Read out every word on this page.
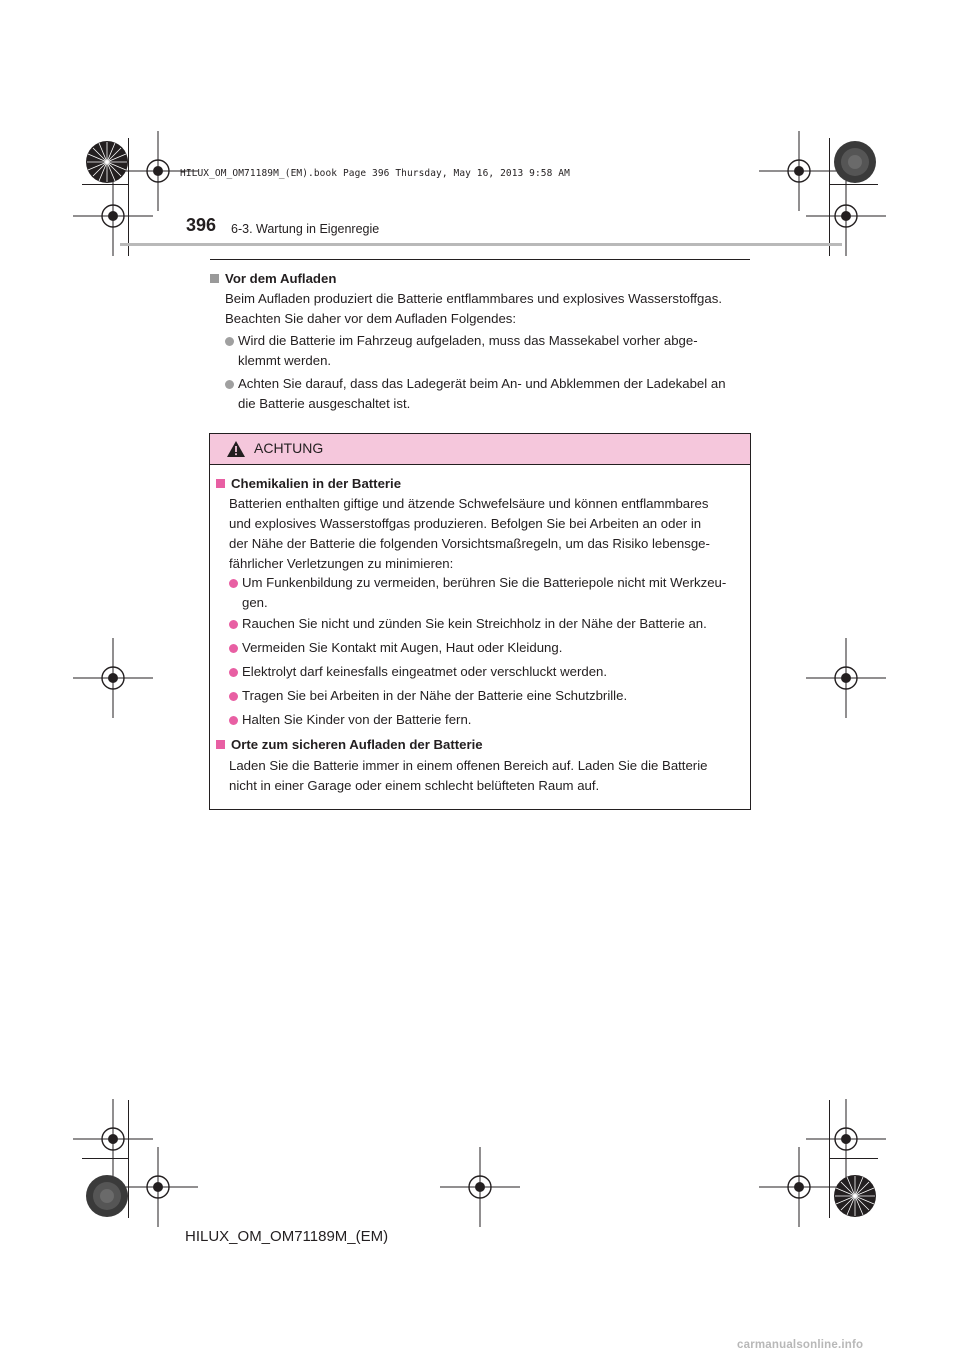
HILUX_OM_OM71189M_(EM).book Page 396 Thursday, May 16, 2013 9:58 AM
396 6-3. Wartung in Eigenregie
Vor dem Aufladen
Beim Aufladen produziert die Batterie entflammbares und explosives Wasserstoffgas.
Beachten Sie daher vor dem Aufladen Folgendes:
Wird die Batterie im Fahrzeug aufgeladen, muss das Massekabel vorher abge-
klemmt werden.
Achten Sie darauf, dass das Ladegerät beim An- und Abklemmen der Ladekabel an
die Batterie ausgeschaltet ist.
ACHTUNG
Chemikalien in der Batterie
Batterien enthalten giftige und ätzende Schwefelsäure und können entflammbares
und explosives Wasserstoffgas produzieren. Befolgen Sie bei Arbeiten an oder in
der Nähe der Batterie die folgenden Vorsichtsmaßregeln, um das Risiko lebensge-
fährlicher Verletzungen zu minimieren:
Um Funkenbildung zu vermeiden, berühren Sie die Batteriepole nicht mit Werkzeu-
gen.
Rauchen Sie nicht und zünden Sie kein Streichholz in der Nähe der Batterie an.
Vermeiden Sie Kontakt mit Augen, Haut oder Kleidung.
Elektrolyt darf keinesfalls eingeatmet oder verschluckt werden.
Tragen Sie bei Arbeiten in der Nähe der Batterie eine Schutzbrille.
Halten Sie Kinder von der Batterie fern.
Orte zum sicheren Aufladen der Batterie
Laden Sie die Batterie immer in einem offenen Bereich auf. Laden Sie die Batterie
nicht in einer Garage oder einem schlecht belüfteten Raum auf.
HILUX_OM_OM71189M_(EM)
carmanualsonline.info
